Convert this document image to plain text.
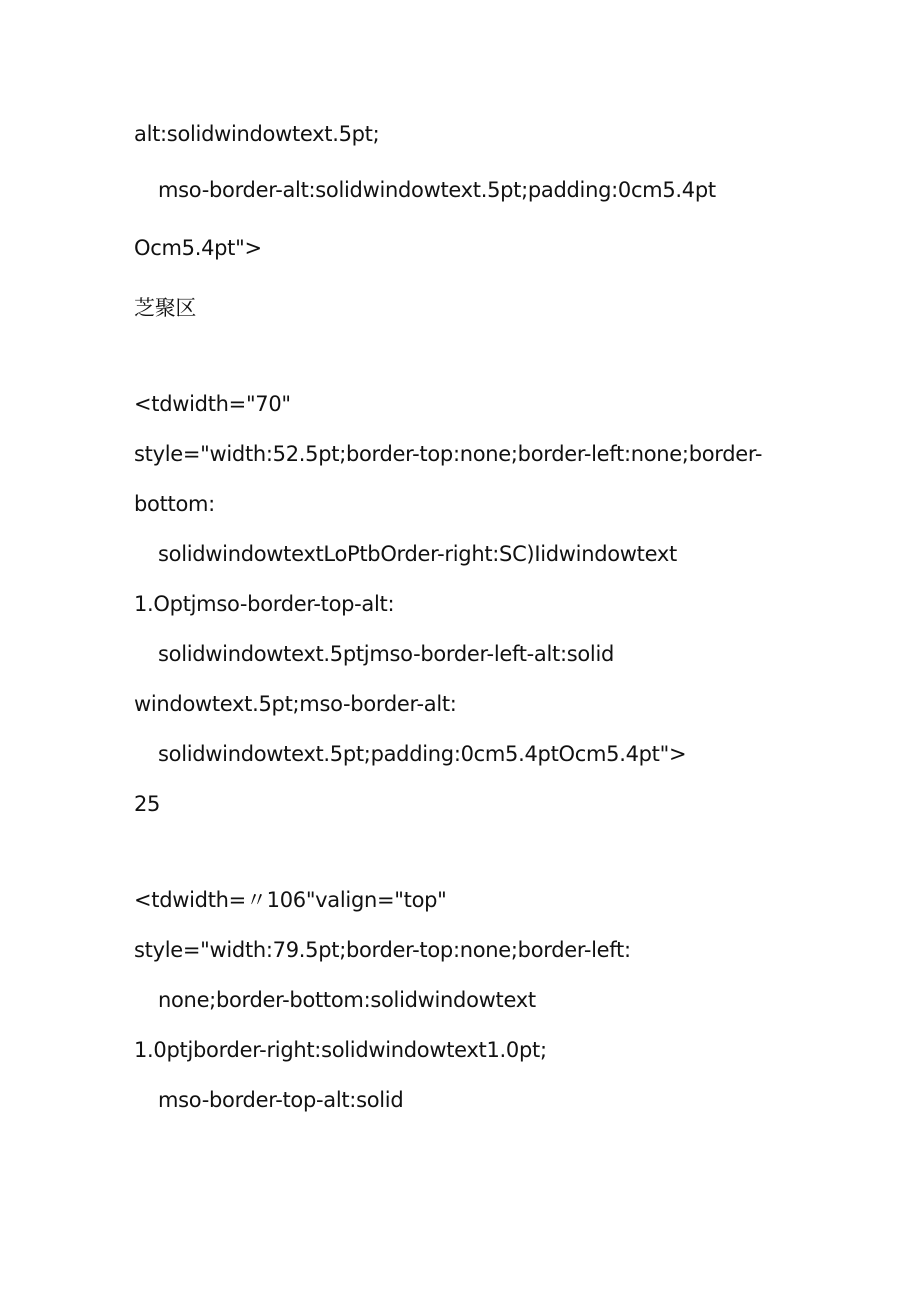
alt:solidwindowtext.5pt;

mso-border-alt:solidwindowtext.5pt;padding:0cm5.4pt

Ocm5.4pt">

芝聚区

<tdwidth="70"

style="width:52.5pt;border-top:none;border-left:none;border-

bottom:

solidwindowtextLoPtbOrder-right:SC)Iidwindowtext

1.Optjmso-border-top-alt:

solidwindowtext.5ptjmso-border-left-alt:solid

windowtext.5pt;mso-border-alt:

solidwindowtext.5pt;padding:0cm5.4ptOcm5.4pt">

25

<tdwidth=〃106"valign="top"

style="width:79.5pt;border-top:none;border-left:

none;border-bottom:solidwindowtext

1.0ptjborder-right:solidwindowtext1.0pt;

mso-border-top-alt:solid
